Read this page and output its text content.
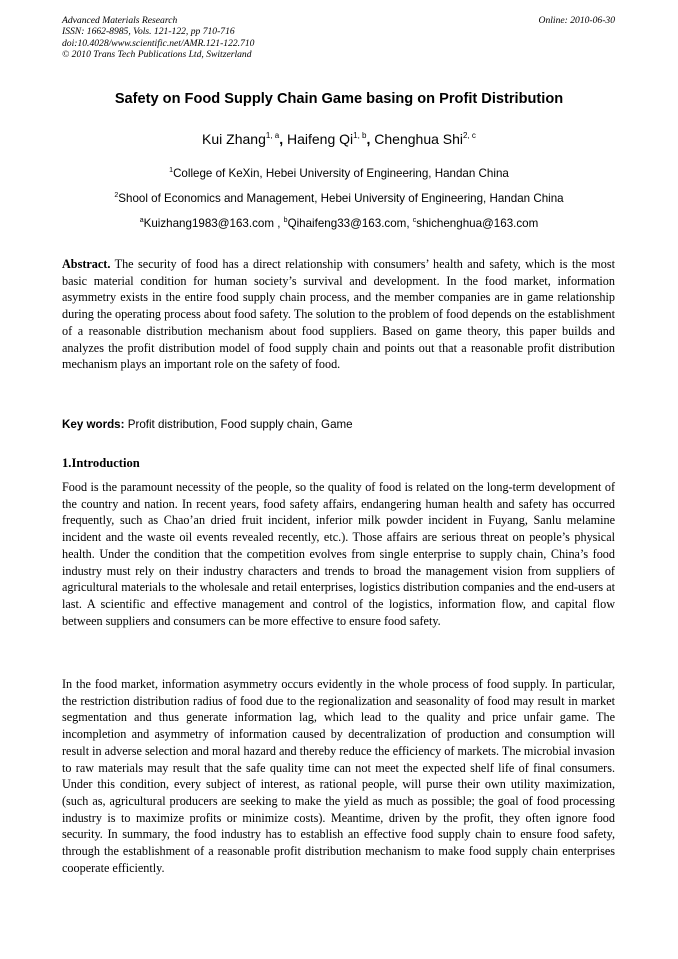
Advanced Materials Research
ISSN: 1662-8985, Vols. 121-122, pp 710-716
doi:10.4028/www.scientific.net/AMR.121-122.710
© 2010 Trans Tech Publications Ltd, Switzerland
Online: 2010-06-30
Safety on Food Supply Chain Game basing on Profit Distribution
Kui Zhang$^{1, a}$, Haifeng Qi$^{1, b}$, Chenghua Shi$^{2, c}$
$^1$College of KeXin, Hebei University of Engineering, Handan China
$^2$Shool of Economics and Management, Hebei University of Engineering, Handan China
$^a$Kuizhang1983@163.com , $^b$Qihaifeng33@163.com, $^c$shichenghua@163.com
Abstract. The security of food has a direct relationship with consumers’ health and safety, which is the most basic material condition for human society’s survival and development. In the food market, information asymmetry exists in the entire food supply chain process, and the member companies are in game relationship during the operating process about food safety. The solution to the problem of food depends on the establishment of a reasonable distribution mechanism about food suppliers. Based on game theory, this paper builds and analyzes the profit distribution model of food supply chain and points out that a reasonable profit distribution mechanism plays an important role on the safety of food.
Key words: Profit distribution, Food supply chain, Game
1.Introduction
Food is the paramount necessity of the people, so the quality of food is related on the long-term development of the country and nation. In recent years, food safety affairs, endangering human health and safety has occurred frequently, such as Chao’an dried fruit incident, inferior milk powder incident in Fuyang, Sanlu melamine incident and the waste oil events revealed recently, etc.). Those affairs are serious threat on people’s physical health. Under the condition that the competition evolves from single enterprise to supply chain, China’s food industry must rely on their industry characters and trends to broad the management vision from suppliers of agricultural materials to the wholesale and retail enterprises, logistics distribution companies and the end-users at last. A scientific and effective management and control of the logistics, information flow, and capital flow between suppliers and consumers can be more effective to ensure food safety.
In the food market, information asymmetry occurs evidently in the whole process of food supply. In particular, the restriction distribution radius of food due to the regionalization and seasonality of food may result in market segmentation and thus generate information lag, which lead to the quality and price unfair game. The incompletion and asymmetry of information caused by decentralization of production and consumption will result in adverse selection and moral hazard and thereby reduce the efficiency of markets. The microbial invasion to raw materials may result that the safe quality time can not meet the expected shelf life of final consumers. Under this condition, every subject of interest, as rational people, will purse their own utility maximization, (such as, agricultural producers are seeking to make the yield as much as possible; the goal of food processing industry is to maximize profits or minimize costs). Meantime, driven by the profit, they often ignore food security. In summary, the food industry has to establish an effective food supply chain to ensure food safety, through the establishment of a reasonable profit distribution mechanism to make food supply chain enterprises cooperate efficiently.
